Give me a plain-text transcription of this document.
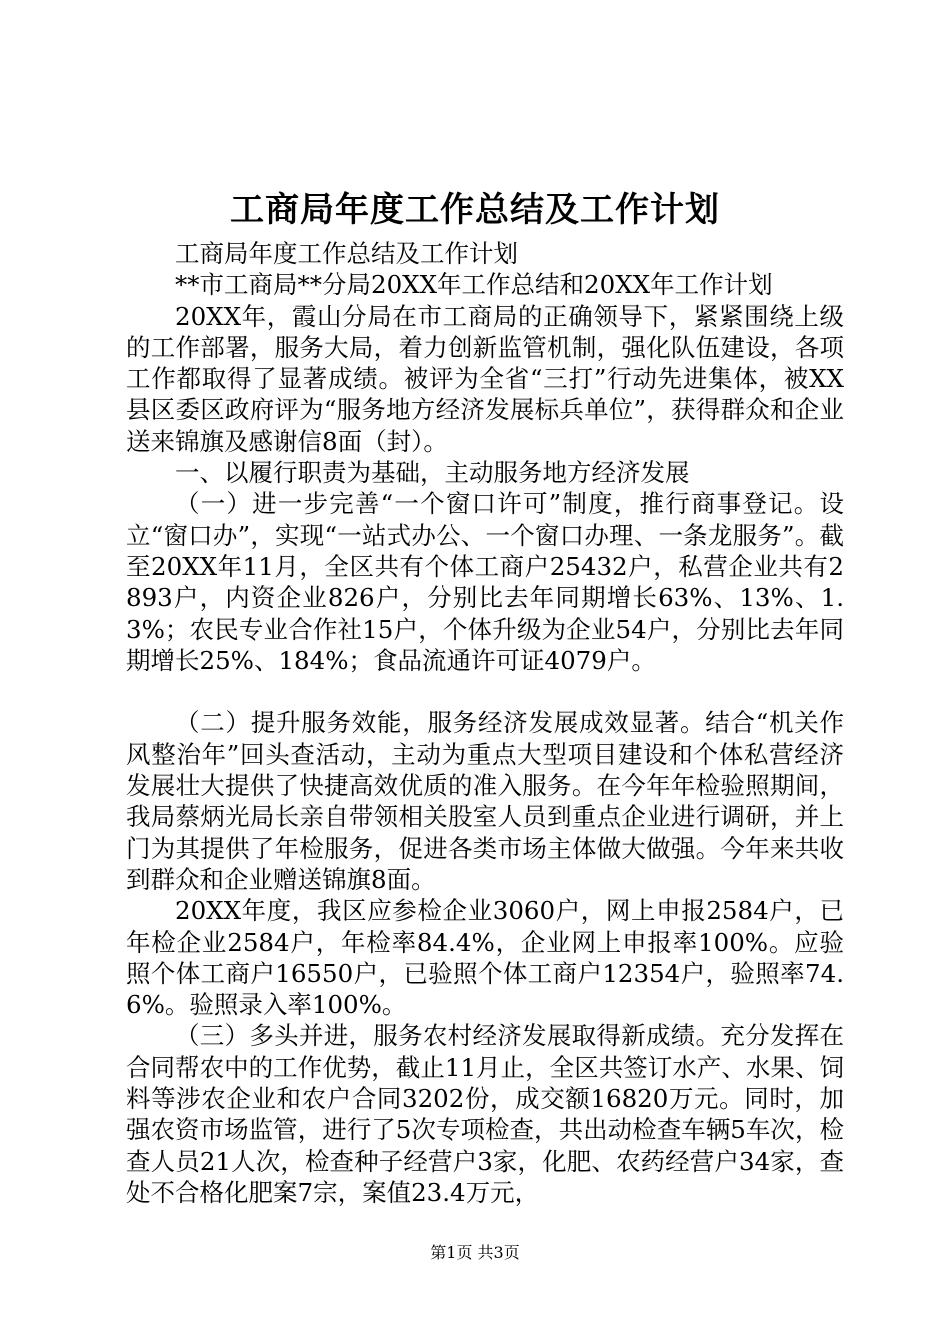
工商局年度工作总结及工作计划

工商局年度工作总结及工作计划

**市工商局**分局20XX年工作总结和20XX年工作计划

20XX年，霞山分局在市工商局的正确领导下，紧紧围绕上级的工作部署，服务大局，着力创新监管机制，强化队伍建设，各项工作都取得了显著成绩。被评为全省“三打”行动先进集体，被XX县区委区政府评为“服务地方经济发展标兵单位”，获得群众和企业送来锦旗及感谢信8面（封）。

一、以履行职责为基础，主动服务地方经济发展

（一）进一步完善“一个窗口许可”制度，推行商事登记。设立“窗口办”，实现“一站式办公、一个窗口办理、一条龙服务”。截至20XX年11月，全区共有个体工商户25432户，私营企业共有2893户，内资企业826户，分别比去年同期增长63%、13%、1.3%；农民专业合作社15户，个体升级为企业54户，分别比去年同期增长25%、184%；食品流通许可证4079户。

（二）提升服务效能，服务经济发展成效显著。结合“机关作风整治年”回头查活动，主动为重点大型项目建设和个体私营经济发展壮大提供了快捷高效优质的准入服务。在今年年检验照期间，我局蔡炳光局长亲自带领相关股室人员到重点企业进行调研，并上门为其提供了年检服务，促进各类市场主体做大做强。今年来共收到群众和企业赠送锦旗8面。

20XX年度，我区应参检企业3060户，网上申报2584户，已年检企业2584户，年检率84.4%，企业网上申报率100%。应验照个体工商户16550户，已验照个体工商户12354户，验照率74.6%。验照录入率100%。

（三）多头并进，服务农村经济发展取得新成绩。充分发挥在合同帮农中的工作优势，截止11月止，全区共签订水产、水果、饲料等涉农企业和农户合同3202份，成交额16820万元。同时，加强农资市场监管，进行了5次专项检查，共出动检查车辆5车次，检查人员21人次，检查种子经营户3家，化肥、农药经营户34家，查处不合格化肥案7宗，案值23.4万元，

第1页 共3页
